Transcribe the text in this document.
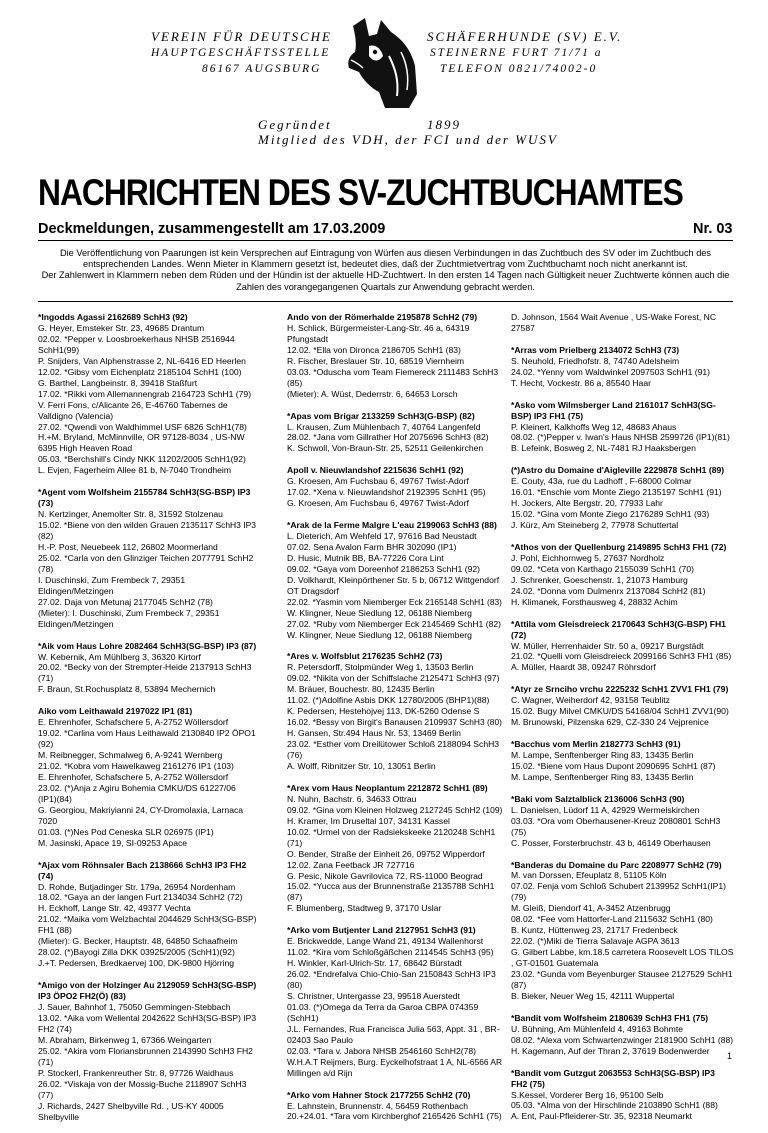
VEREIN FÜR DEUTSCHE
HAUPTGESCHÄFTSSTELLE
86167 AUGSBURG
SCHÄFERHUNDE (SV) E.V.
STEINERNE FURT 71/71 a
TELEFON 0821/74002-0
Gegründet	1899
Mitglied des VDH, der FCI und der WUSV
NACHRICHTEN DES SV-ZUCHTBUCHAMTES
Deckmeldungen, zusammengestellt am 17.03.2009	Nr. 03

Die Veröffentlichung von Paarungen ist kein Versprechen auf Eintragung von Würfen aus diesen Verbindungen in das Zuchtbuch des SV oder im Zuchtbuch des

entsprechenden Landes. Wenn Mieter in Klammern gesetzt ist, bedeutet dies, daß der Zuchtmietvertrag vom Zuchtbuchamt noch nicht anerkannt ist.

Der Zahlenwert in Klammern neben dem Rüden und der Hündin ist der aktuelle HD-Zuchtwert. In den ersten 14 Tagen nach Gültigkeit neuer Zuchtwerte können auch die

Zahlen des vorangegangenen Quartals zur Anwendung gebracht werden.

*Ingodds Agassi 2162689 SchH3 (92)
G. Heyer, Emsteker Str. 23, 49685 Drantum
02.02. *Pepper v. Loosbroekerhaus NHSB 2516944
SchH1(99)
P. Snijders, Van Alphenstrasse 2, NL-6416 ED Heerlen
12.02. *Gibsy vom Eichenplatz 2185104 SchH1 (100)
G. Barthel, Langbeinstr. 8, 39418 Staßfurt
17.02. *Rikki vom Allemannengrab 2164723 SchH1 (79)
V. Ferri Fons, c/Alicante 26, E-46760 Tabernes de
Valldigno (Valencia)
27.02. *Qwendi von Waldhimmel USF 6826 SchH1(78)
H.+M. Bryland, McMinnville, OR 97128-8034 , US-NW
6395 High Heaven Road
05.03. *Berchshill's Cindy NKK 11202/2005 SchH1(92)
L. Evjen, Fagerheim Allee 81 b, N-7040 Trondheim
*Agent vom Wolfsheim 2155784 SchH3(SG-BSP) IP3
(73)
N. Kertzinger, Anemolter Str. 8, 31592 Stolzenau
15.02. *Biene von den wilden Grauen 2135117 SchH3 IP3
(82)
H.-P. Post, Neuebeek 112, 26802 Moormerland
25.02. *Carla von den Glinziger Teichen 2077791 SchH2
(78)
I. Duschinski, Zum Frembeck 7, 29351
Eldingen/Metzingen
27.02. Daja von Metunaj 2177045 SchH2 (78)
(Mieter): I. Duschinski, Zum Frembeck 7, 29351
Eldingen/Metzingen
*Aik vom Haus Lohre 2082464 SchH3(SG-BSP) IP3 (87)
W. Kebernik, Am Mühlberg 3, 36320 Kirtorf
20.02. *Becky von der Strempter-Heide 2137913 SchH3
(71)
F. Braun, St.Rochusplatz 8, 53894 Mechernich
Aiko vom Leithawald 2197022 IP1 (81)
E. Ehrenhofer, Schafschere 5, A-2752 Wöllersdorf
19.02. *Carlina vom Haus Leithawald 2130840 IP2 ÖPO1
(92)
M. Reibnegger, Schmalweg 6, A-9241 Wernberg
21.02. *Kobra vom Hawelkaweg 2161276 IP1 (103)
E. Ehrenhofer, Schafschere 5, A-2752 Wöllersdorf
23.02. (*)Anja z Agiru Bohemia CMKU/DS 61227/06
(IP1)(84)
G. Georgiou, Makriyianni 24, CY-Dromolaxia, Larnaca
7020
01.03. (*)Nes Pod Ceneska SLR 026975 (IP1)
M. Jasinski, Apace 19, SI-09253 Apace
*Ajax vom Röhnsaler Bach 2138666 SchH3 IP3 FH2
(74)
D. Rohde, Butjadinger Str. 179a, 26954 Nordenham
18.02. *Gaya an der langen Furt 2134034 SchH2 (72)
H. Eckhoff, Lange Str. 42, 49377 Vechta
21.02. *Maika vom Welzbachtal 2044629 SchH3(SG-BSP)
FH1 (88)
(Mieter): G. Becker, Hauptstr. 48, 64850 Schaafheim
28.02. (*)Bayogi Zilla DKK 03925/2005 (SchH1)(92)
J.+T. Pedersen, Bredkaervej 100, DK-9800 Hjörring
*Amigo von der Holzinger Au 2129059 SchH3(SG-BSP)
IP3 ÖPO2 FH2(Ö) (83)
J. Sauer, Bahnhof 1, 75050 Gemmingen-Stebbach
13.02. *Aika vom Wellental 2042622 SchH3(SG-BSP) IP3
FH2 (74)
M. Abraham, Birkenweg 1, 67366 Weingarten
25.02. *Akira vom Floriansbrunnen 2143990 SchH3 FH2
(71)
P. Stockerl, Frankenreuther Str. 8, 97726 Waidhaus
26.02. *Viskaja von der Mossig-Buche 2118907 SchH3
(77)
J. Richards, 2427 Shelbyville Rd. , US-KY 40005
Shelbyville
Ando von der Römerhalde 2195878 SchH2 (79)
H. Schlick, Bürgermeister-Lang-Str. 46 a, 64319
Pfungstadt
12.02. *Ella von Dironca 2186705 SchH1 (83)
R. Fischer, Breslauer Str. 10, 68519 Viernheim
03.03. *Oduscha vom Team Fiemereck 2111483 SchH3
(85)
(Mieter): A. Wüst, Dederrstr. 6, 64653 Lorsch
*Apas vom Brigar 2133259 SchH3(G-BSP) (82)
L. Krausen, Zum Mühlenbach 7, 40764 Langenfeld
28.02. *Jana vom Gillrather Hof 2075696 SchH3 (82)
K. Schwoll, Von-Braun-Str. 25, 52511 Geilenkirchen
Apoll v. Nieuwlandshof 2215636 SchH1 (92)
G. Kroesen, Am Fuchsbau 6, 49767 Twist-Adorf
17.02. *Xena v. Nieuwlandshof 2192395 SchH1 (95)
G. Kroesen, Am Fuchsbau 6, 49767 Twist-Adorf
*Arak de la Ferme Malgre L'eau 2199063 SchH3 (88)
L. Dieterich, Am Wehfeld 17, 97616 Bad Neustadt
07.02. Sena Avalon Farm BHR 302090 (IP1)
D. Husic, Mutnik BB, BA-77226 Cora Lint
09.02. *Gaya vom Doreenhof 2186253 SchH1 (92)
D. Volkhardt, Kleinpörthener Str. 5 b, 06712 Wittgendorf
OT Dragsdorf
22.02. *Yasmin vom Niemberger Eck 2165148 SchH1 (83)
W. Klingner, Neue Siedlung 12, 06188 Niemberg
27.02. *Ruby vom Niemberger Eck 2145469 SchH1 (82)
W. Klingner, Neue Siedlung 12, 06188 Niemberg
*Ares v. Wolfsblut 2176235 SchH2 (73)
R. Petersdorff, Stolpmünder Weg 1, 13503 Berlin
09.02. *Nikita von der Schiffslache 2125471 SchH3 (97)
M. Bräuer, Bouchestr. 80, 12435 Berlin
11.02. (*)Adolfine Asbis DKK 12780/2005 (BHP1)(88)
K. Pedersen, Hestehojvej 113, DK-5260 Odense S
16.02. *Bessy von Birgit's Banausen 2109937 SchH3 (80)
H. Gansen, Str.494 Haus Nr. 53, 13469 Berlin
23.02. *Esther vom Dreilütower Schloß 2188094 SchH3
(76)
A. Wolff, Ribnitzer Str. 10, 13051 Berlin
*Arex vom Haus Neoplantum 2212872 SchH1 (89)
N. Nuhn, Bachstr. 6, 34633 Ottrau
09.02. *Gina vom Kleinen Holzweg 2127245 SchH2 (109)
H. Kramer, Im Druseltal 107, 34131 Kassel
10.02. *Urmel von der Radsiekskeeke 2120248 SchH1
(71)
O. Bender, Straße der Einheit 26, 09752 Wipperdorf
12.02. Zana Feetback JR 727716
G. Pesic, Nikole Gavrilovica 72, RS-11000 Beograd
15.02. *Yucca aus der Brunnenstraße 2135788 SchH1
(87)
F. Blumenberg, Stadtweg 9, 37170 Uslar
*Arko vom Butjenter Land 2127951 SchH3 (91)
E. Brickwedde, Lange Wand 21, 49134 Wallenhorst
11.02. *Kira vom Schloßgäßchen 2114545 SchH3 (95)
H. Winkler, Karl-Ulrich-Str. 17, 68642 Bürstadt
26.02. *Endrefalva Chio-Chio-San 2150843 SchH3 IP3
(80)
S. Christner, Untergasse 23, 99518 Auerstedt
01.03. (*)Omega da Terra da Garoa CBPA 074359
(SchH1)
J.L. Fernandes, Rua Francisca Julia 563, Appt. 31 , BR-
02403 Sao Paulo
02.03. *Tara v. Jabora NHSB 2546160 SchH2(78)
W.H.A.T Reijmers, Burg. Eyckelhofstraat 1 A, NL-6566 AR
Millingen a/d Rijn
*Arko vom Hahner Stock 2177255 SchH2 (70)
E. Lahnstein, Brunnenstr. 4, 56459 Rothenbach
20.+24.01. *Tara vom Kirchberghof 2165426 SchH1 (75)
D. Johnson, 1564 Wait Avenue , US-Wake Forest, NC
27587
*Arras vom Prielberg 2134072 SchH3 (73)
S. Neuhold, Friedhofstr. 8, 74740 Adelsheim
24.02. *Yenny vom Waldwinkel 2097503 SchH1 (91)
T. Hecht, Vockestr. 86 a, 85540 Haar
*Asko vom Wilmsberger Land 2161017 SchH3(SG-
BSP) IP3 FH1 (75)
P. Kleinert, Kalkhoffs Weg 12, 48683 Ahaus
08.02. (*)Pepper v. Iwan's Haus NHSB 2599726 (IP1)(81)
B. Lefeink, Bosweg 2, NL-7481 RJ Haaksbergen
(*)Astro du Domaine d'Aigleville 2229878 SchH1 (89)
E. Couty, 43a, rue du Ladhoff , F-68000 Colmar
16.01. *Enschie vom Monte Ziego 2135197 SchH1 (91)
H. Jockers, Alte Bergstr. 20, 77933 Lahr
15.02. *Gina vom Monte Ziego 2176289 SchH1 (93)
J. Kürz, Am Steineberg 2, 77978 Schuttertal
*Athos von der Quellenburg 2149895 SchH3 FH1 (72)
J. Pohl, Eichhornweg 5, 27637 Nordholz
09.02. *Ceta von Karthago 2155039 SchH1 (70)
J. Schrenker, Goeschenstr. 1, 21073 Hamburg
24.02. *Donna vom Dulmenrx 2137084 SchH2 (81)
H. Klimanek, Forsthausweg 4, 28832 Achim
*Attila vom Gleisdreieck 2170643 SchH3(G-BSP) FH1
(72)
W. Müller, Herrenhaider Str. 50 a, 09217 Burgstädt
21.02. *Quelli vom Gleisdreieck 2099166 SchH3 FH1 (85)
A. Müller, Haardt 38, 09247 Röhrsdorf
*Atyr ze Srnciho vrchu 2225232 SchH1 ZVV1 FH1 (79)
C. Wagner, Weiherdorf 42, 93158 Teublitz
15.02. Bugy Milvel CMKU/DS 54168/04 SchH1 ZVV1(90)
M. Brunowski, Pilzenska 629, CZ-330 24 Vejprenice
*Bacchus vom Merlin 2182773 SchH3 (91)
M. Lampe, Senftenberger Ring 83, 13435 Berlin
15.02. *Biene vom Haus Dupont 2090695 SchH1 (87)
M. Lampe, Senftenberger Ring 83, 13435 Berlin
*Baki vom Salztalblick 2136006 SchH3 (90)
L. Danielsen, Lüdorf 11 A, 42929 Wermelskirchen
03.03. *Ora vom Oberhausener-Kreuz 2080801 SchH3
(75)
C. Posser, Forsterbruchstr. 43 b, 46149 Oberhausen
*Banderas du Domaine du Parc 2208977 SchH2 (79)
M. van Dorssen, Efeuplatz 8, 51105 Köln
07.02. Fenja vom Schloß Schubert 2139952 SchH1(IP1)
(79)
M. Gleiß, Diendorf 41, A-3452 Atzenbrugg
08.02. *Fee vom Hattorfer-Land 2115632 SchH1 (80)
B. Kuntz, Hüttenweg 23, 21717 Fredenbeck
22.02. (*)Miki de Tierra Salavaje AGPA 3613
G. Gilbert Labbe, km.18.5 carretera Roosevelt LOS TILOS
, GT-01501 Guatemala
23.02. *Gunda vom Beyenburger Stausee 2127529 SchH1
(87)
B. Bieker, Neuer Weg 15, 42111 Wuppertal
*Bandit vom Wolfsheim 2180639 SchH3 FH1 (75)
U. Bühning, Am Mühlenfeld 4, 49163 Bohmte
08.02. *Alexa vom Schwartenzwinger 2181900 SchH1 (88)
H. Kagemann, Auf der Thran 2, 37619 Bodenwerder
*Bandit vom Gutzgut 2063553 SchH3(SG-BSP) IP3
FH2 (75)
S.Kessel, Vorderer Berg 16, 95100 Selb
05.03. *Alma von der Hirschlinde 2103890 SchH1 (88)
A. Ent, Paul-Pfleiderer-Str. 35, 92318 Neumarkt
1
